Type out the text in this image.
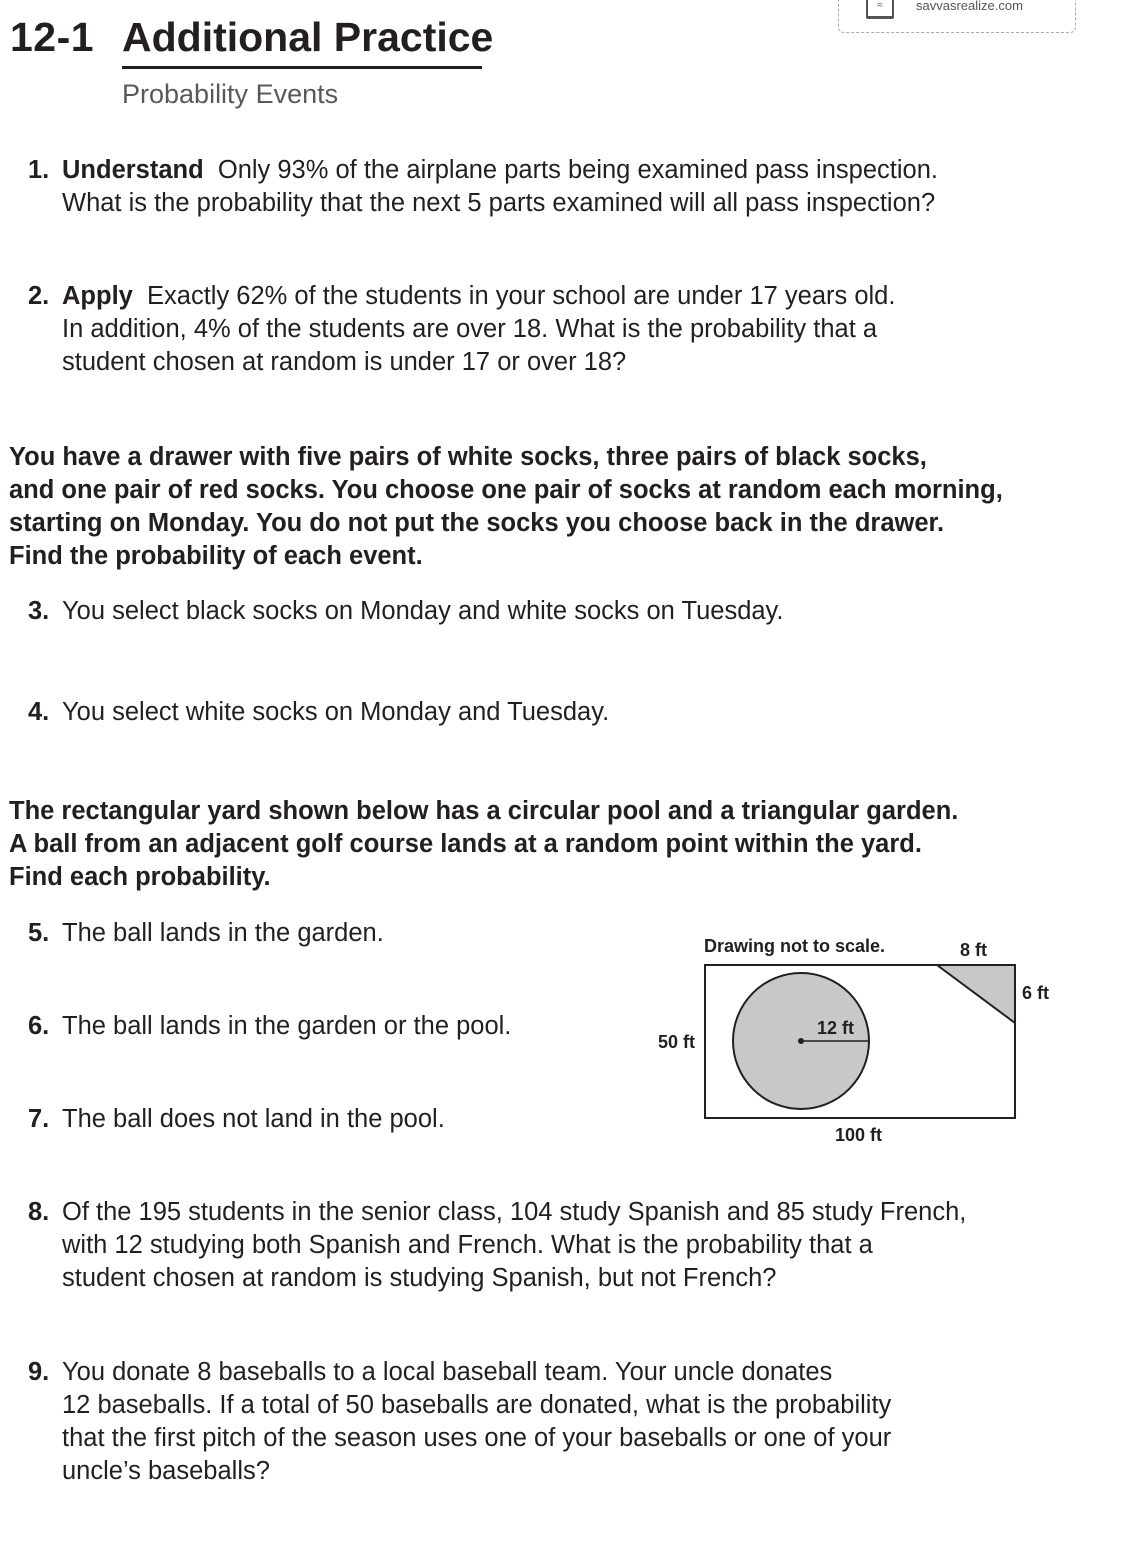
≈	savvasrealize.com
12-1 Additional Practice
Probability Events
1. Understand Only 93% of the airplane parts being examined pass inspection.
What is the probability that the next 5 parts examined will all pass inspection?
2. Apply Exactly 62% of the students in your school are under 17 years old.
In addition, 4% of the students are over 18. What is the probability that a
student chosen at random is under 17 or over 18?
You have a drawer with five pairs of white socks, three pairs of black socks,
and one pair of red socks. You choose one pair of socks at random each morning,
starting on Monday. You do not put the socks you choose back in the drawer.
Find the probability of each event.
3. You select black socks on Monday and white socks on Tuesday.
4. You select white socks on Monday and Tuesday.
The rectangular yard shown below has a circular pool and a triangular garden.
A ball from an adjacent golf course lands at a random point within the yard.
Find each probability.
5. The ball lands in the garden.
6. The ball lands in the garden or the pool.
7. The ball does not land in the pool.
Drawing not to scale.
12 ft
8 ft
6 ft
50 ft
100 ft
8. Of the 195 students in the senior class, 104 study Spanish and 85 study French,
with 12 studying both Spanish and French. What is the probability that a
student chosen at random is studying Spanish, but not French?
9. You donate 8 baseballs to a local baseball team. Your uncle donates
12 baseballs. If a total of 50 baseballs are donated, what is the probability
that the first pitch of the season uses one of your baseballs or one of your
uncle’s baseballs?
